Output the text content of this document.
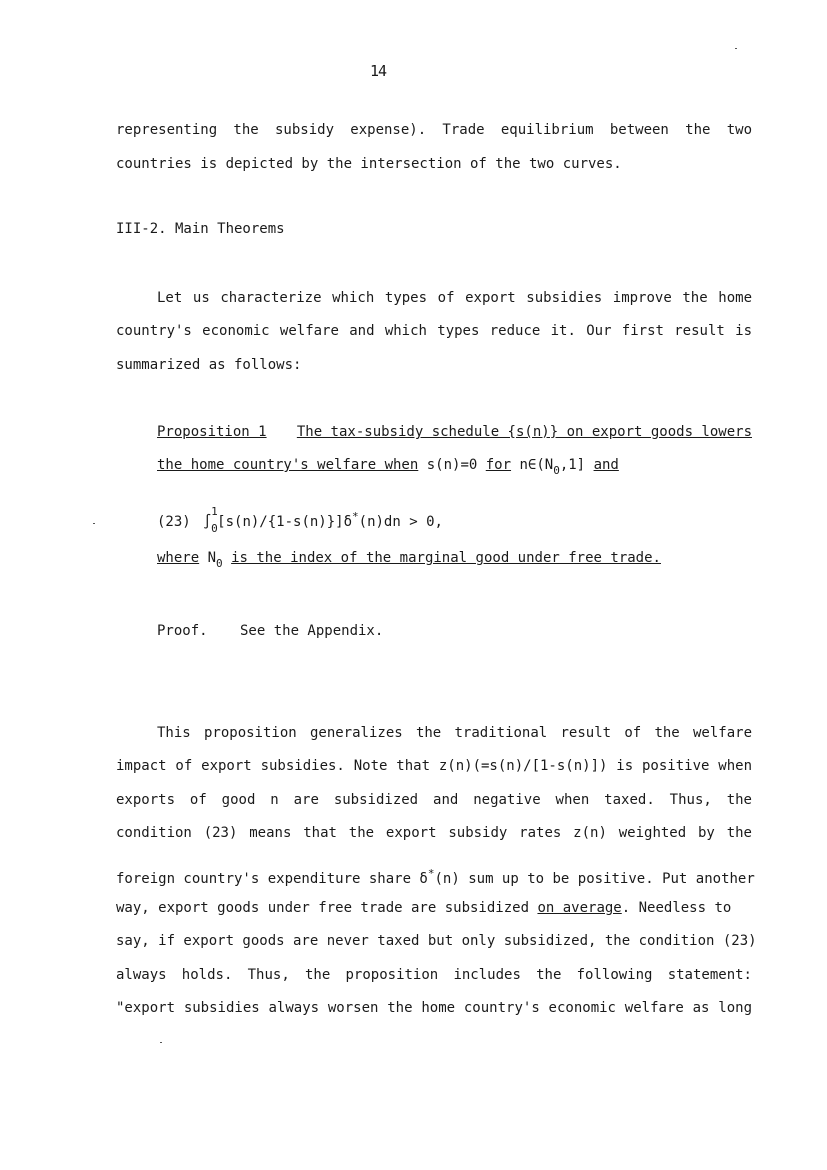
14
representing the subsidy expense). Trade equilibrium between the two
countries is depicted by the intersection of the two curves.
III-2. Main Theorems
Let us characterize which types of export subsidies improve the home
country's economic welfare and which types reduce it. Our first result is
summarized as follows:
Proposition 1 The tax-subsidy schedule {s(n)} on export goods lowers
the home country's welfare when s(n)=0 for $n\in(N_0,1]$ and
(23) ∫
1
0 [s(n)/{1-s(n)}]δ*(n)dn > 0,
where $N_0$ is the index of the marginal good under free trade.
Proof. See the Appendix.
This proposition generalizes the traditional result of the welfare
impact of export subsidies. Note that z(n)(=s(n)/[1-s(n)]) is positive when
exports of good n are subsidized and negative when taxed. Thus, the
condition (23) means that the export subsidy rates z(n) weighted by the
foreign country's expenditure share δ*(n) sum up to be positive. Put another
way, export goods under free trade are subsidized on average. Needless to
say, if export goods are never taxed but only subsidized, the condition (23)
always holds. Thus, the proposition includes the following statement:
"export subsidies always worsen the home country's economic welfare as long
